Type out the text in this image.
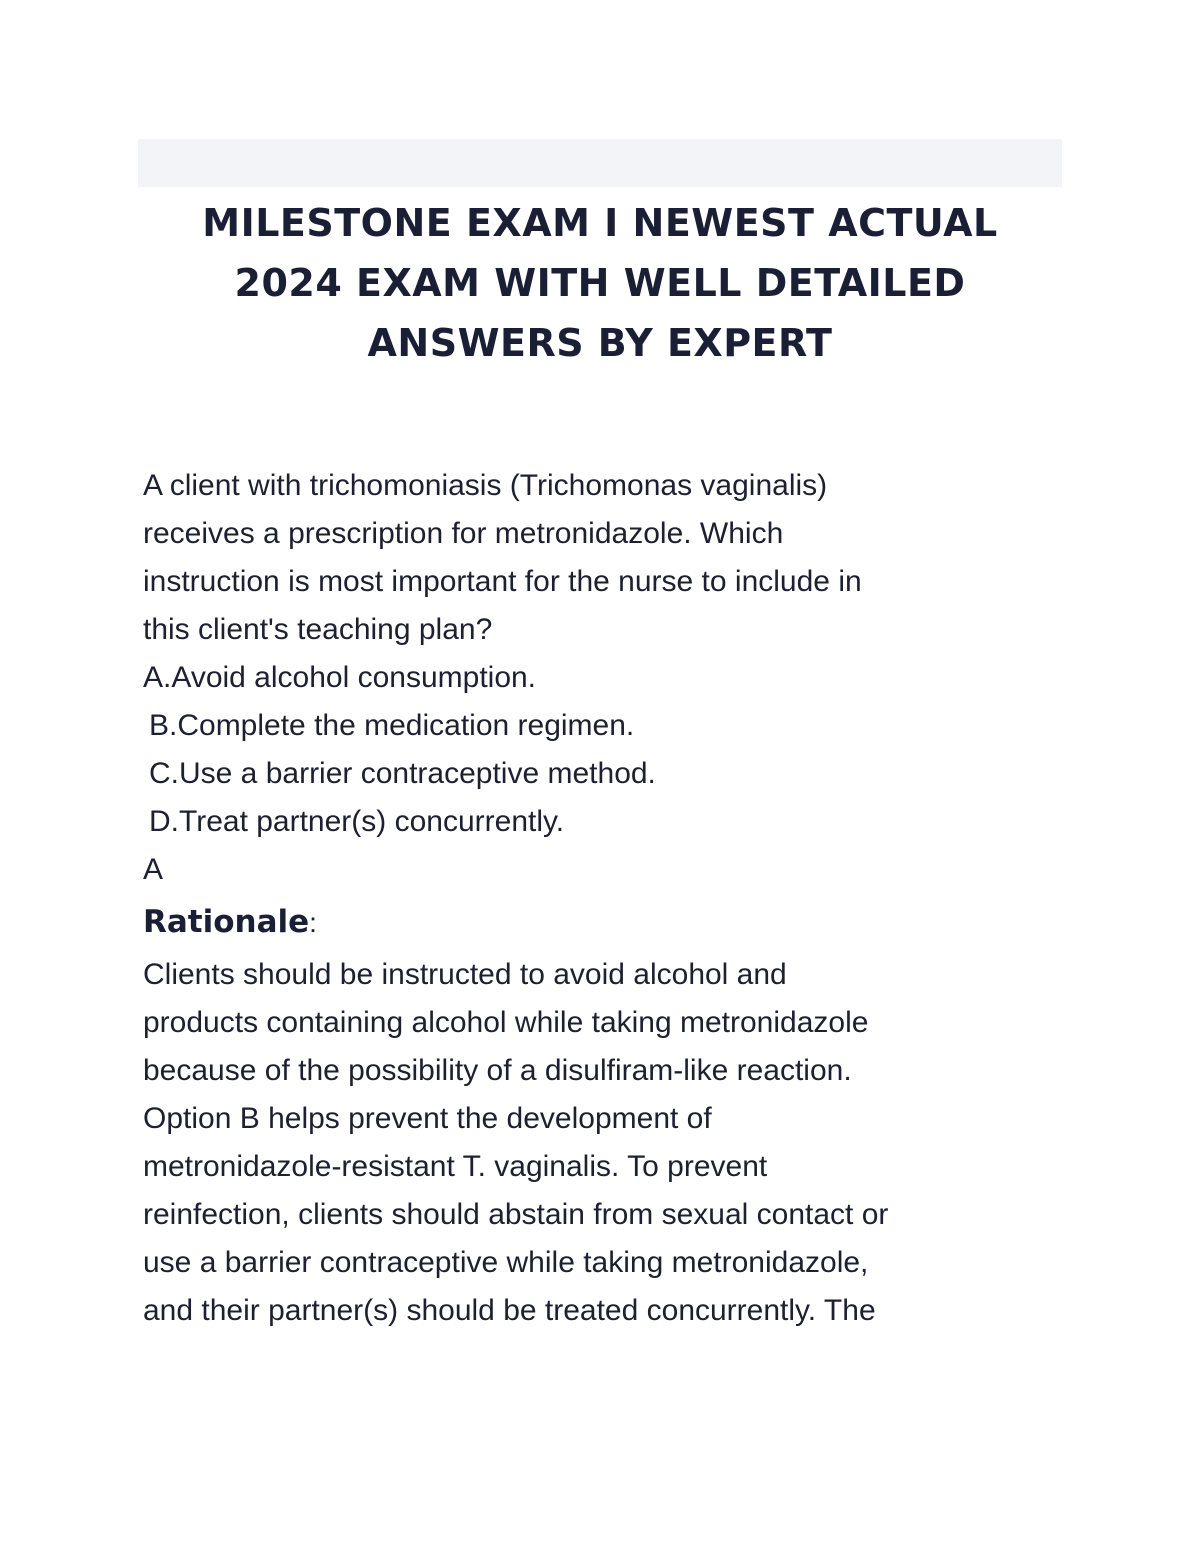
MILESTONE EXAM I NEWEST ACTUAL
2024 EXAM WITH WELL DETAILED
ANSWERS BY EXPERT
A client with trichomoniasis (Trichomonas vaginalis)
receives a prescription for metronidazole. Which
instruction is most important for the nurse to include in
this client's teaching plan?
A.Avoid alcohol consumption.
B.Complete the medication regimen.
C.Use a barrier contraceptive method.
D.Treat partner(s) concurrently.
A
Rationale:
Clients should be instructed to avoid alcohol and
products containing alcohol while taking metronidazole
because of the possibility of a disulfiram-like reaction.
Option B helps prevent the development of
metronidazole-resistant T. vaginalis. To prevent
reinfection, clients should abstain from sexual contact or
use a barrier contraceptive while taking metronidazole,
and their partner(s) should be treated concurrently. The
